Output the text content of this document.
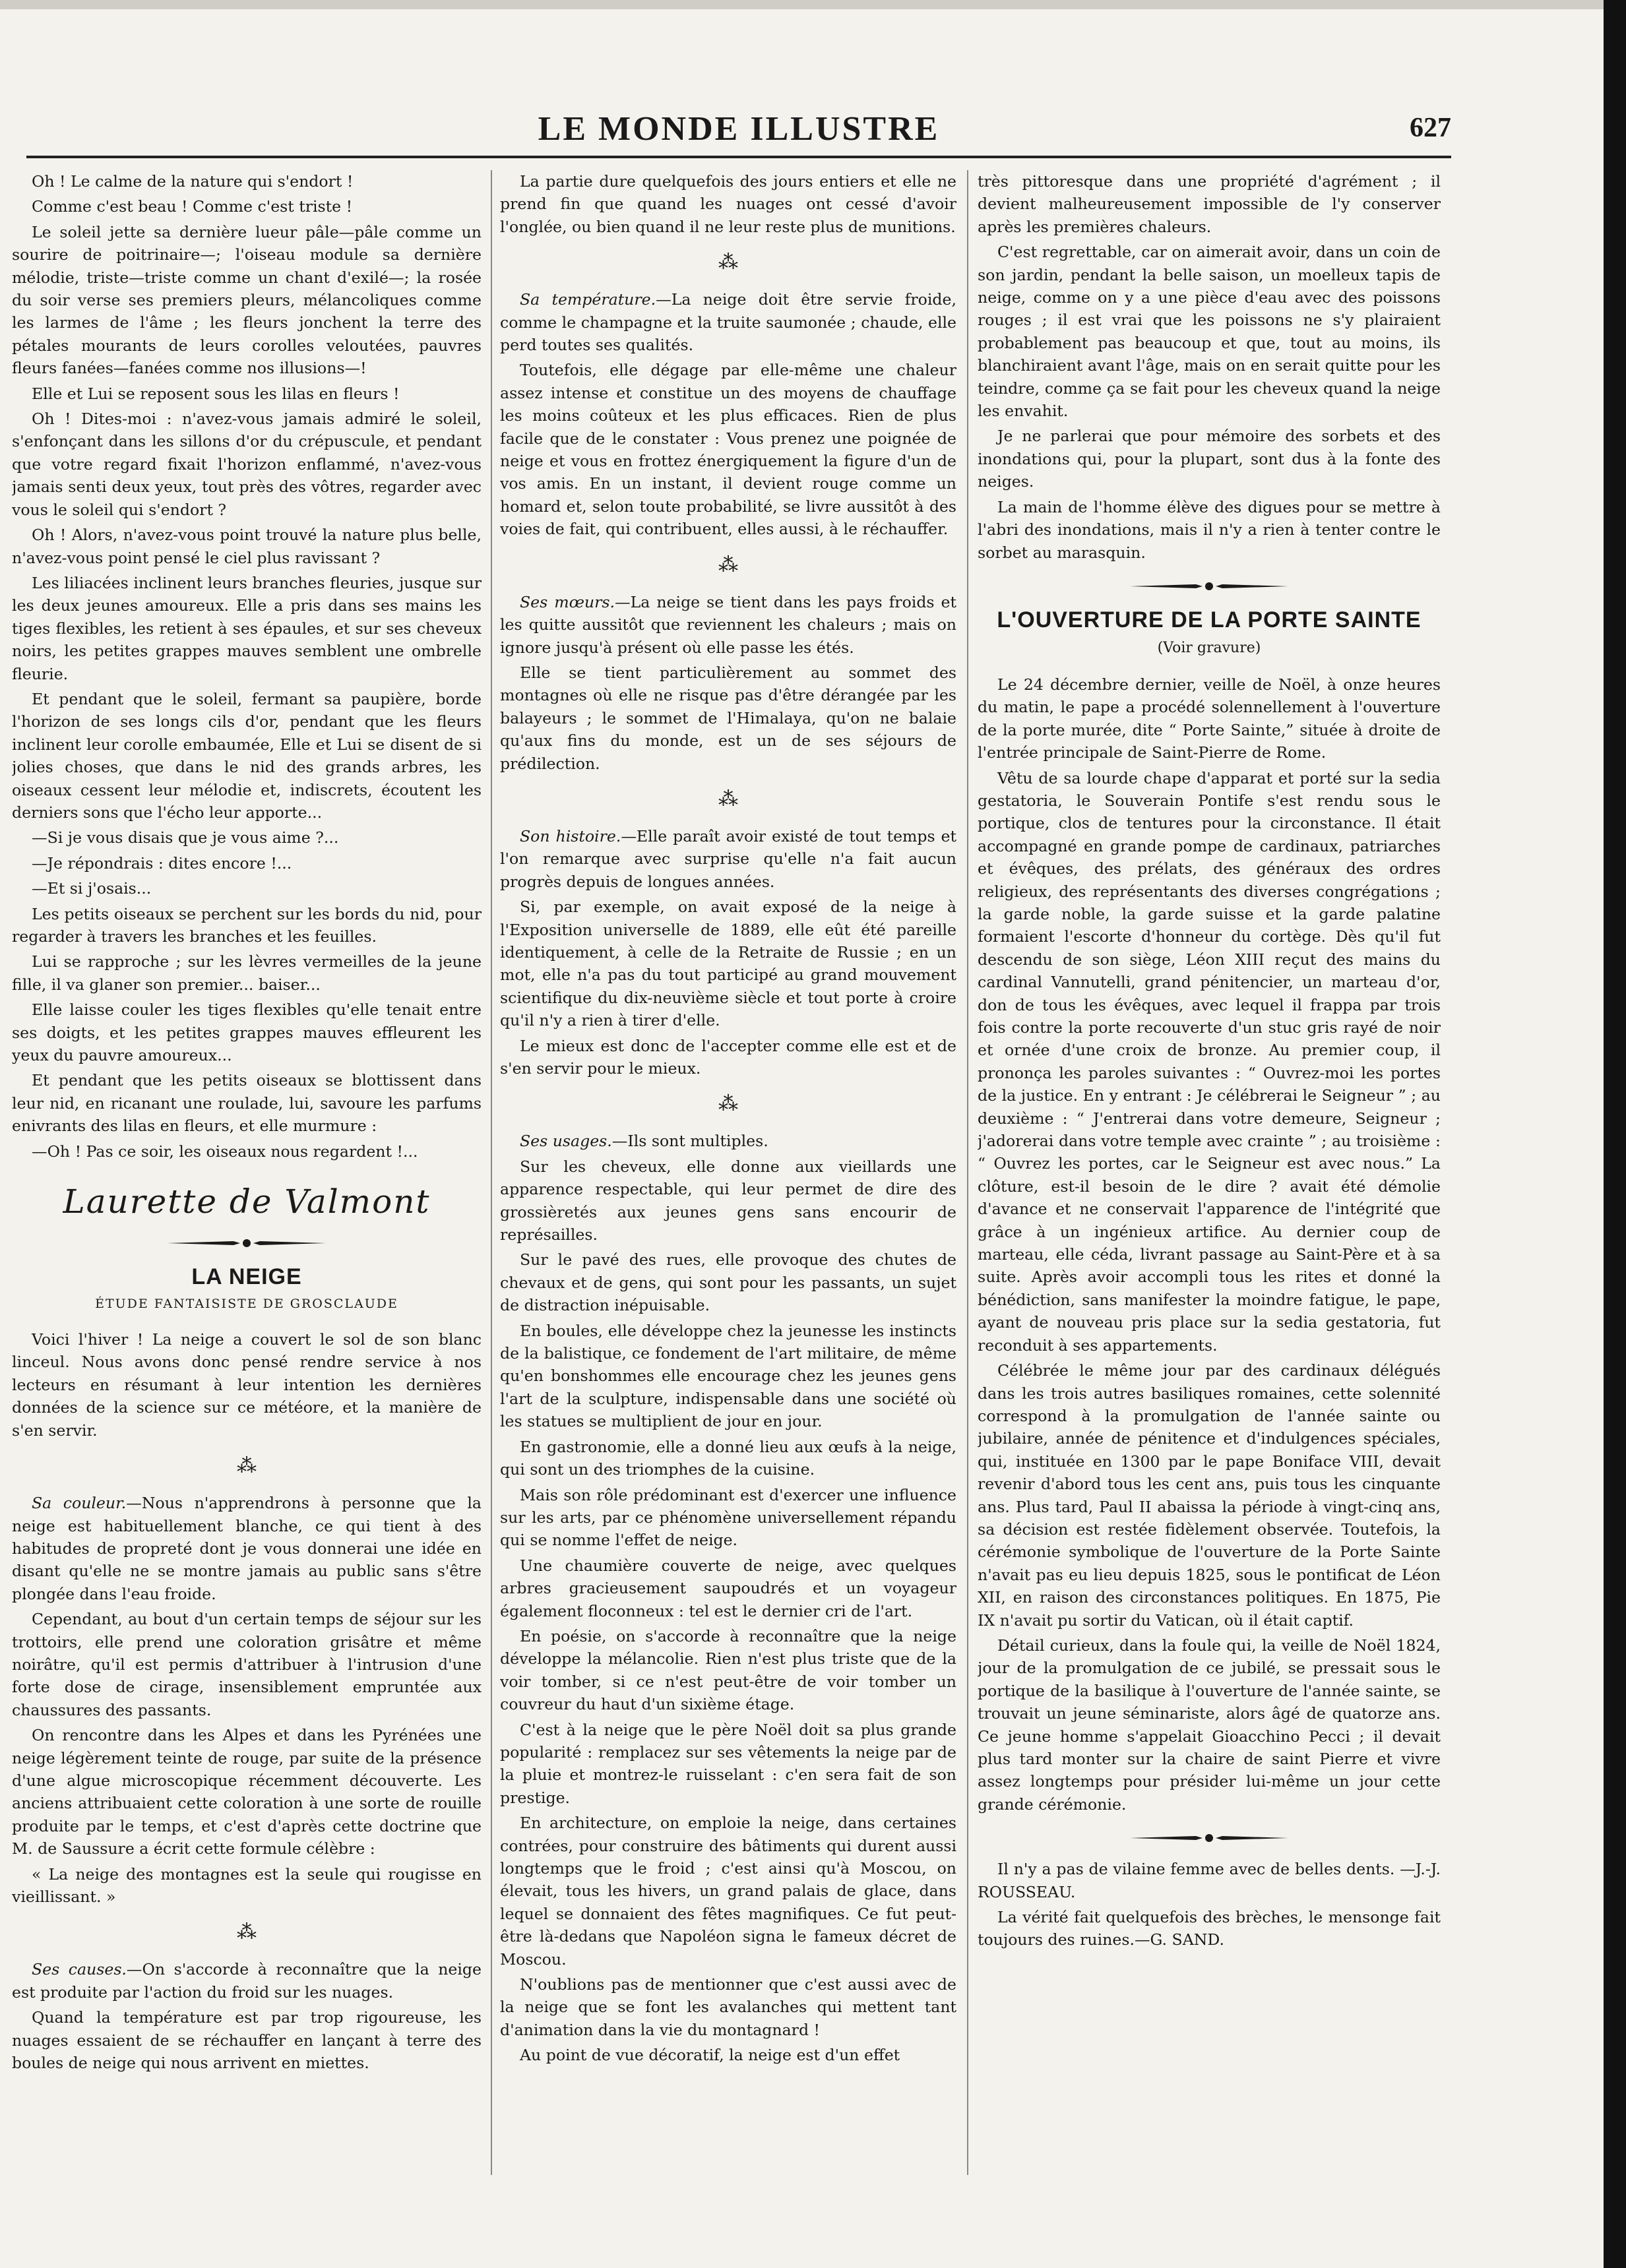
LE MONDE ILLUSTRE	627

Oh ! Le calme de la nature qui s'endort !

Comme c'est beau ! Comme c'est triste !

Le soleil jette sa dernière lueur pâle—pâle comme un sourire de poitrinaire—; l'oiseau module sa dernière mélodie, triste—triste comme un chant d'exilé—; la rosée du soir verse ses premiers pleurs, mélancoliques comme les larmes de l'âme ; les fleurs jonchent la terre des pétales mourants de leurs corolles veloutées, pauvres fleurs fanées—fanées comme nos illusions—!

Elle et Lui se reposent sous les lilas en fleurs !

Oh ! Dites-moi : n'avez-vous jamais admiré le soleil, s'enfonçant dans les sillons d'or du crépuscule, et pendant que votre regard fixait l'horizon enflammé, n'avez-vous jamais senti deux yeux, tout près des vôtres, regarder avec vous le soleil qui s'endort ?

Oh ! Alors, n'avez-vous point trouvé la nature plus belle, n'avez-vous point pensé le ciel plus ravissant ?

Les liliacées inclinent leurs branches fleuries, jusque sur les deux jeunes amoureux. Elle a pris dans ses mains les tiges flexibles, les retient à ses épaules, et sur ses cheveux noirs, les petites grappes mauves semblent une ombrelle fleurie.

Et pendant que le soleil, fermant sa paupière, borde l'horizon de ses longs cils d'or, pendant que les fleurs inclinent leur corolle embaumée, Elle et Lui se disent de si jolies choses, que dans le nid des grands arbres, les oiseaux cessent leur mélodie et, indiscrets, écoutent les derniers sons que l'écho leur apporte...

—Si je vous disais que je vous aime ?...

—Je répondrais : dites encore !...

—Et si j'osais...

Les petits oiseaux se perchent sur les bords du nid, pour regarder à travers les branches et les feuilles.

Lui se rapproche ; sur les lèvres vermeilles de la jeune fille, il va glaner son premier... baiser...

Elle laisse couler les tiges flexibles qu'elle tenait entre ses doigts, et les petites grappes mauves effleurent les yeux du pauvre amoureux...

Et pendant que les petits oiseaux se blottissent dans leur nid, en ricanant une roulade, lui, savoure les parfums enivrants des lilas en fleurs, et elle murmure :

—Oh ! Pas ce soir, les oiseaux nous regardent !...

Laurette de Valmont
LA NEIGE
ÉTUDE FANTAISISTE DE GROSCLAUDE

Voici l'hiver ! La neige a couvert le sol de son blanc linceul. Nous avons donc pensé rendre service à nos lecteurs en résumant à leur intention les dernières données de la science sur ce météore, et la manière de s'en servir.

⁂

Sa couleur.—Nous n'apprendrons à personne que la neige est habituellement blanche, ce qui tient à des habitudes de propreté dont je vous donnerai une idée en disant qu'elle ne se montre jamais au public sans s'être plongée dans l'eau froide.

Cependant, au bout d'un certain temps de séjour sur les trottoirs, elle prend une coloration grisâtre et même noirâtre, qu'il est permis d'attribuer à l'intrusion d'une forte dose de cirage, insensiblement empruntée aux chaussures des passants.

On rencontre dans les Alpes et dans les Pyrénées une neige légèrement teinte de rouge, par suite de la présence d'une algue microscopique récemment découverte. Les anciens attribuaient cette coloration à une sorte de rouille produite par le temps, et c'est d'après cette doctrine que M. de Saussure a écrit cette formule célèbre :

« La neige des montagnes est la seule qui rougisse en vieillissant. »

⁂

Ses causes.—On s'accorde à reconnaître que la neige est produite par l'action du froid sur les nuages.

Quand la température est par trop rigoureuse, les nuages essaient de se réchauffer en lançant à terre des boules de neige qui nous arrivent en miettes.

La partie dure quelquefois des jours entiers et elle ne prend fin que quand les nuages ont cessé d'avoir l'onglée, ou bien quand il ne leur reste plus de munitions.

⁂

Sa température.—La neige doit être servie froide, comme le champagne et la truite saumonée ; chaude, elle perd toutes ses qualités.

Toutefois, elle dégage par elle-même une chaleur assez intense et constitue un des moyens de chauffage les moins coûteux et les plus efficaces. Rien de plus facile que de le constater : Vous prenez une poignée de neige et vous en frottez énergiquement la figure d'un de vos amis. En un instant, il devient rouge comme un homard et, selon toute probabilité, se livre aussitôt à des voies de fait, qui contribuent, elles aussi, à le réchauffer.

⁂

Ses mœurs.—La neige se tient dans les pays froids et les quitte aussitôt que reviennent les chaleurs ; mais on ignore jusqu'à présent où elle passe les étés.

Elle se tient particulièrement au sommet des montagnes où elle ne risque pas d'être dérangée par les balayeurs ; le sommet de l'Himalaya, qu'on ne balaie qu'aux fins du monde, est un de ses séjours de prédilection.

⁂

Son histoire.—Elle paraît avoir existé de tout temps et l'on remarque avec surprise qu'elle n'a fait aucun progrès depuis de longues années.

Si, par exemple, on avait exposé de la neige à l'Exposition universelle de 1889, elle eût été pareille identiquement, à celle de la Retraite de Russie ; en un mot, elle n'a pas du tout participé au grand mouvement scientifique du dix-neuvième siècle et tout porte à croire qu'il n'y a rien à tirer d'elle.

Le mieux est donc de l'accepter comme elle est et de s'en servir pour le mieux.

⁂

Ses usages.—Ils sont multiples.

Sur les cheveux, elle donne aux vieillards une apparence respectable, qui leur permet de dire des grossièretés aux jeunes gens sans encourir de représailles.

Sur le pavé des rues, elle provoque des chutes de chevaux et de gens, qui sont pour les passants, un sujet de distraction inépuisable.

En boules, elle développe chez la jeunesse les instincts de la balistique, ce fondement de l'art militaire, de même qu'en bonshommes elle encourage chez les jeunes gens l'art de la sculpture, indispensable dans une société où les statues se multiplient de jour en jour.

En gastronomie, elle a donné lieu aux œufs à la neige, qui sont un des triomphes de la cuisine.

Mais son rôle prédominant est d'exercer une influence sur les arts, par ce phénomène universellement répandu qui se nomme l'effet de neige.

Une chaumière couverte de neige, avec quelques arbres gracieusement saupoudrés et un voyageur également floconneux : tel est le dernier cri de l'art.

En poésie, on s'accorde à reconnaître que la neige développe la mélancolie. Rien n'est plus triste que de la voir tomber, si ce n'est peut-être de voir tomber un couvreur du haut d'un sixième étage.

C'est à la neige que le père Noël doit sa plus grande popularité : remplacez sur ses vêtements la neige par de la pluie et montrez-le ruisselant : c'en sera fait de son prestige.

En architecture, on emploie la neige, dans certaines contrées, pour construire des bâtiments qui durent aussi longtemps que le froid ; c'est ainsi qu'à Moscou, on élevait, tous les hivers, un grand palais de glace, dans lequel se donnaient des fêtes magnifiques. Ce fut peut-être là-dedans que Napoléon signa le fameux décret de Moscou.

N'oublions pas de mentionner que c'est aussi avec de la neige que se font les avalanches qui mettent tant d'animation dans la vie du montagnard !

Au point de vue décoratif, la neige est d'un effet

très pittoresque dans une propriété d'agrément ; il devient malheureusement impossible de l'y conserver après les premières chaleurs.

C'est regrettable, car on aimerait avoir, dans un coin de son jardin, pendant la belle saison, un moelleux tapis de neige, comme on y a une pièce d'eau avec des poissons rouges ; il est vrai que les poissons ne s'y plairaient probablement pas beaucoup et que, tout au moins, ils blanchiraient avant l'âge, mais on en serait quitte pour les teindre, comme ça se fait pour les cheveux quand la neige les envahit.

Je ne parlerai que pour mémoire des sorbets et des inondations qui, pour la plupart, sont dus à la fonte des neiges.

La main de l'homme élève des digues pour se mettre à l'abri des inondations, mais il n'y a rien à tenter contre le sorbet au marasquin.

L'OUVERTURE DE LA PORTE SAINTE
(Voir gravure)

Le 24 décembre dernier, veille de Noël, à onze heures du matin, le pape a procédé solennellement à l'ouverture de la porte murée, dite “ Porte Sainte,” située à droite de l'entrée principale de Saint-Pierre de Rome.

Vêtu de sa lourde chape d'apparat et porté sur la sedia gestatoria, le Souverain Pontife s'est rendu sous le portique, clos de tentures pour la circonstance. Il était accompagné en grande pompe de cardinaux, patriarches et évêques, des prélats, des généraux des ordres religieux, des représentants des diverses congrégations ; la garde noble, la garde suisse et la garde palatine formaient l'escorte d'honneur du cortège. Dès qu'il fut descendu de son siège, Léon XIII reçut des mains du cardinal Vannutelli, grand pénitencier, un marteau d'or, don de tous les évêques, avec lequel il frappa par trois fois contre la porte recouverte d'un stuc gris rayé de noir et ornée d'une croix de bronze. Au premier coup, il prononça les paroles suivantes : “ Ouvrez-moi les portes de la justice. En y entrant : Je célébrerai le Seigneur ” ; au deuxième : “ J'entrerai dans votre demeure, Seigneur ; j'adorerai dans votre temple avec crainte ” ; au troisième : “ Ouvrez les portes, car le Seigneur est avec nous.” La clôture, est-il besoin de le dire ? avait été démolie d'avance et ne conservait l'apparence de l'intégrité que grâce à un ingénieux artifice. Au dernier coup de marteau, elle céda, livrant passage au Saint-Père et à sa suite. Après avoir accompli tous les rites et donné la bénédiction, sans manifester la moindre fatigue, le pape, ayant de nouveau pris place sur la sedia gestatoria, fut reconduit à ses appartements.

Célébrée le même jour par des cardinaux délégués dans les trois autres basiliques romaines, cette solennité correspond à la promulgation de l'année sainte ou jubilaire, année de pénitence et d'indulgences spéciales, qui, instituée en 1300 par le pape Boniface VIII, devait revenir d'abord tous les cent ans, puis tous les cinquante ans. Plus tard, Paul II abaissa la période à vingt-cinq ans, sa décision est restée fidèlement observée. Toutefois, la cérémonie symbolique de l'ouverture de la Porte Sainte n'avait pas eu lieu depuis 1825, sous le pontificat de Léon XII, en raison des circonstances politiques. En 1875, Pie IX n'avait pu sortir du Vatican, où il était captif.

Détail curieux, dans la foule qui, la veille de Noël 1824, jour de la promulgation de ce jubilé, se pressait sous le portique de la basilique à l'ouverture de l'année sainte, se trouvait un jeune séminariste, alors âgé de quatorze ans. Ce jeune homme s'appelait Gioacchino Pecci ; il devait plus tard monter sur la chaire de saint Pierre et vivre assez longtemps pour présider lui-même un jour cette grande cérémonie.

Il n'y a pas de vilaine femme avec de belles dents. —J.-J. ROUSSEAU.

La vérité fait quelquefois des brèches, le mensonge fait toujours des ruines.—G. SAND.
